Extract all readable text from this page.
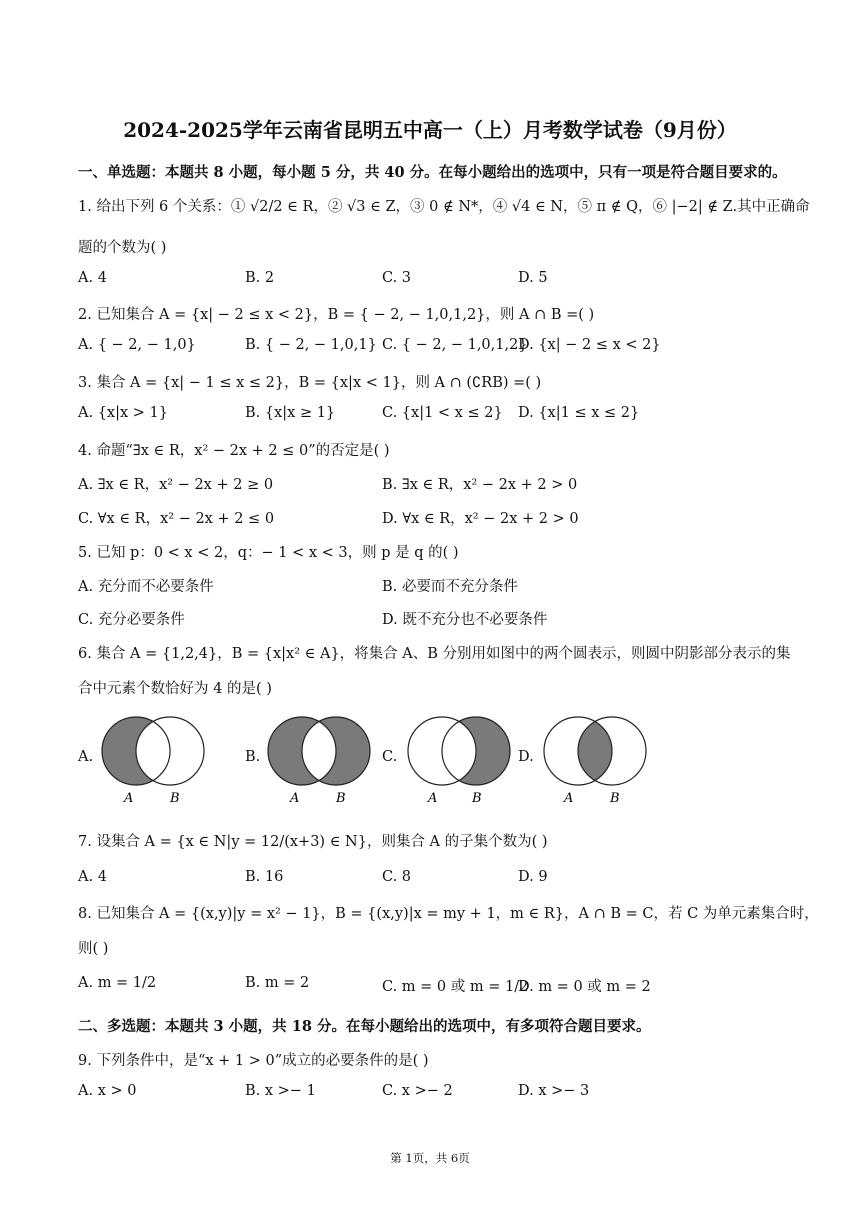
2024-2025学年云南省昆明五中高一（上）月考数学试卷（9月份）
一、单选题：本题共 8 小题，每小题 5 分，共 40 分。在每小题给出的选项中，只有一项是符合题目要求的。
1. 给出下列 6 个关系：① √2/2 ∈ R，② √3 ∈ Z，③ 0 ∉ N*，④ √4 ∈ N，⑤ π ∉ Q，⑥ |−2| ∉ Z.其中正确命
题的个数为( )
A. 4	B. 2	C. 3	D. 5
2. 已知集合 A = {x| − 2 ≤ x < 2}，B = { − 2, − 1,0,1,2}，则 A ∩ B =( )
A. { − 2, − 1,0}	B. { − 2, − 1,0,1} C. { − 2, − 1,0,1,2}
D. {x| − 2 ≤ x < 2}
3. 集合 A = {x| − 1 ≤ x ≤ 2}，B = {x|x < 1}，则 A ∩ (∁RB) =( )
A. {x|x > 1}	B. {x|x ≥ 1}	C. {x|1 < x ≤ 2} D. {x|1 ≤ x ≤ 2}
4. 命题“∃x ∈ R，x² − 2x + 2 ≤ 0”的否定是( )
A. ∃x ∈ R，x² − 2x + 2 ≥ 0	B. ∃x ∈ R，x² − 2x + 2 > 0
C. ∀x ∈ R，x² − 2x + 2 ≤ 0	D. ∀x ∈ R，x² − 2x + 2 > 0
5. 已知 p：0 < x < 2，q：− 1 < x < 3，则 p 是 q 的( )
A. 充分而不必要条件	B. 必要而不充分条件
C. 充分必要条件	D. 既不充分也不必要条件
6. 集合 A = {1,2,4}，B = {x|x² ∈ A}，将集合 A、B 分别用如图中的两个圆表示，则圆中阴影部分表示的集
合中元素个数恰好为 4 的是( )
A.	B.	C.	D.
A	B	A	B	A	B	A	B
7. 设集合 A = {x ∈ N|y = 12/(x+3) ∈ N}，则集合 A 的子集个数为( )
A. 4	B. 16	C. 8	D. 9
8. 已知集合 A = {(x,y)|y = x² − 1}，B = {(x,y)|x = my + 1，m ∈ R}，A ∩ B = C，若 C 为单元素集合时，
则( )
A. m = 1/2	B. m = 2	C. m = 0 或 m = 1/2
D. m = 0 或 m = 2
二、多选题：本题共 3 小题，共 18 分。在每小题给出的选项中，有多项符合题目要求。
9. 下列条件中，是“x + 1 > 0”成立的必要条件的是( )
A. x > 0	B. x >− 1	C. x >− 2	D. x >− 3
第 1页，共 6页
